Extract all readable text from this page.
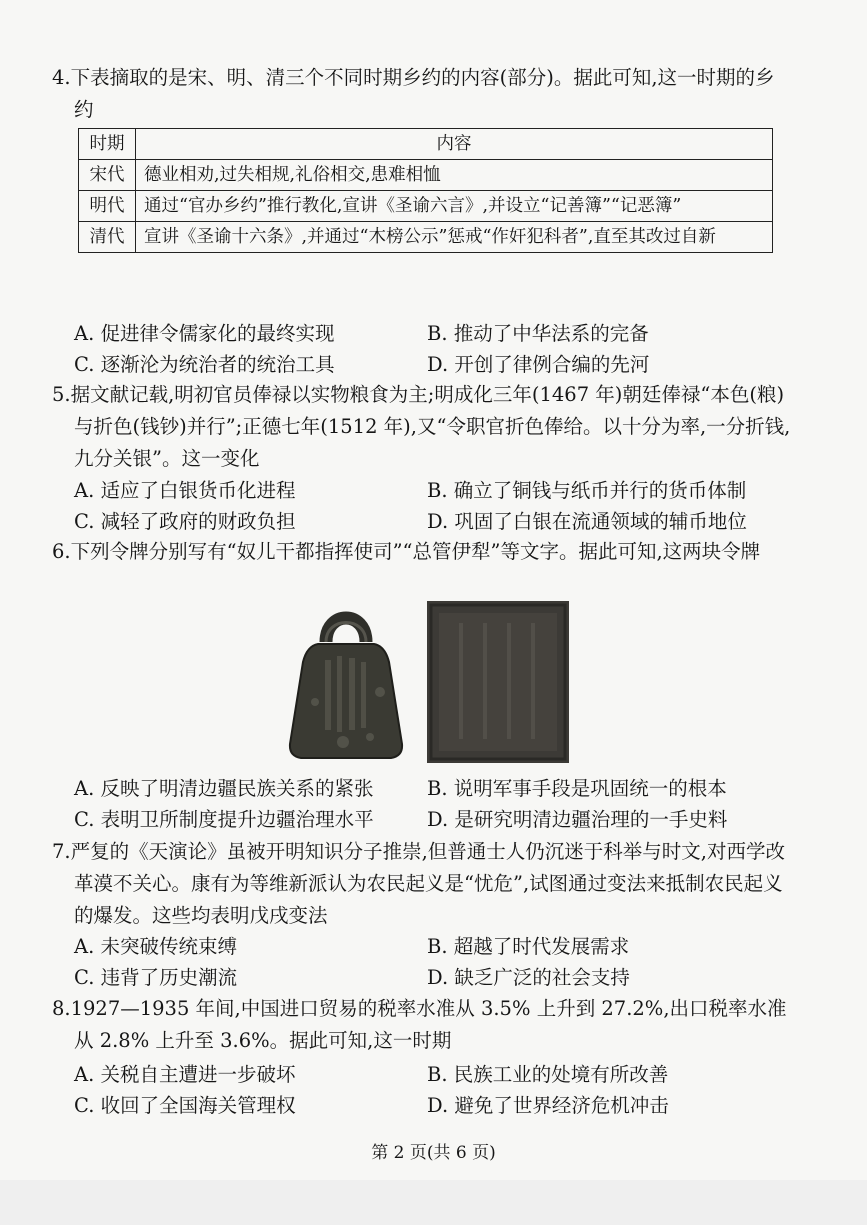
4.下表摘取的是宋、明、清三个不同时期乡约的内容(部分)。据此可知,这一时期的乡约
时期	内容
宋代	德业相劝,过失相规,礼俗相交,患难相恤
明代	通过“官办乡约”推行教化,宣讲《圣谕六言》,并设立“记善簿”“记恶簿”
清代	宣讲《圣谕十六条》,并通过“木榜公示”惩戒“作奸犯科者”,直至其改过自新
A. 促进律令儒家化的最终实现	B. 推动了中华法系的完备
C. 逐渐沦为统治者的统治工具	D. 开创了律例合编的先河
5.据文献记载,明初官员俸禄以实物粮食为主;明成化三年(1467 年)朝廷俸禄“本色(粮)与折色(钱钞)并行”;正德七年(1512 年),又“令职官折色俸给。以十分为率,一分折钱,九分关银”。这一变化
A. 适应了白银货币化进程	B. 确立了铜钱与纸币并行的货币体制
C. 减轻了政府的财政负担	D. 巩固了白银在流通领域的辅币地位
6.下列令牌分别写有“奴儿干都指挥使司”“总管伊犁”等文字。据此可知,这两块令牌
A. 反映了明清边疆民族关系的紧张	B. 说明军事手段是巩固统一的根本
C. 表明卫所制度提升边疆治理水平	D. 是研究明清边疆治理的一手史料
7.严复的《天演论》虽被开明知识分子推崇,但普通士人仍沉迷于科举与时文,对西学改革漠不关心。康有为等维新派认为农民起义是“忧危”,试图通过变法来抵制农民起义的爆发。这些均表明戊戌变法
A. 未突破传统束缚	B. 超越了时代发展需求
C. 违背了历史潮流	D. 缺乏广泛的社会支持
8.1927—1935 年间,中国进口贸易的税率水准从 3.5% 上升到 27.2%,出口税率水准从 2.8% 上升至 3.6%。据此可知,这一时期
A. 关税自主遭进一步破坏	B. 民族工业的处境有所改善
C. 收回了全国海关管理权	D. 避免了世界经济危机冲击
第 2 页(共 6 页)
